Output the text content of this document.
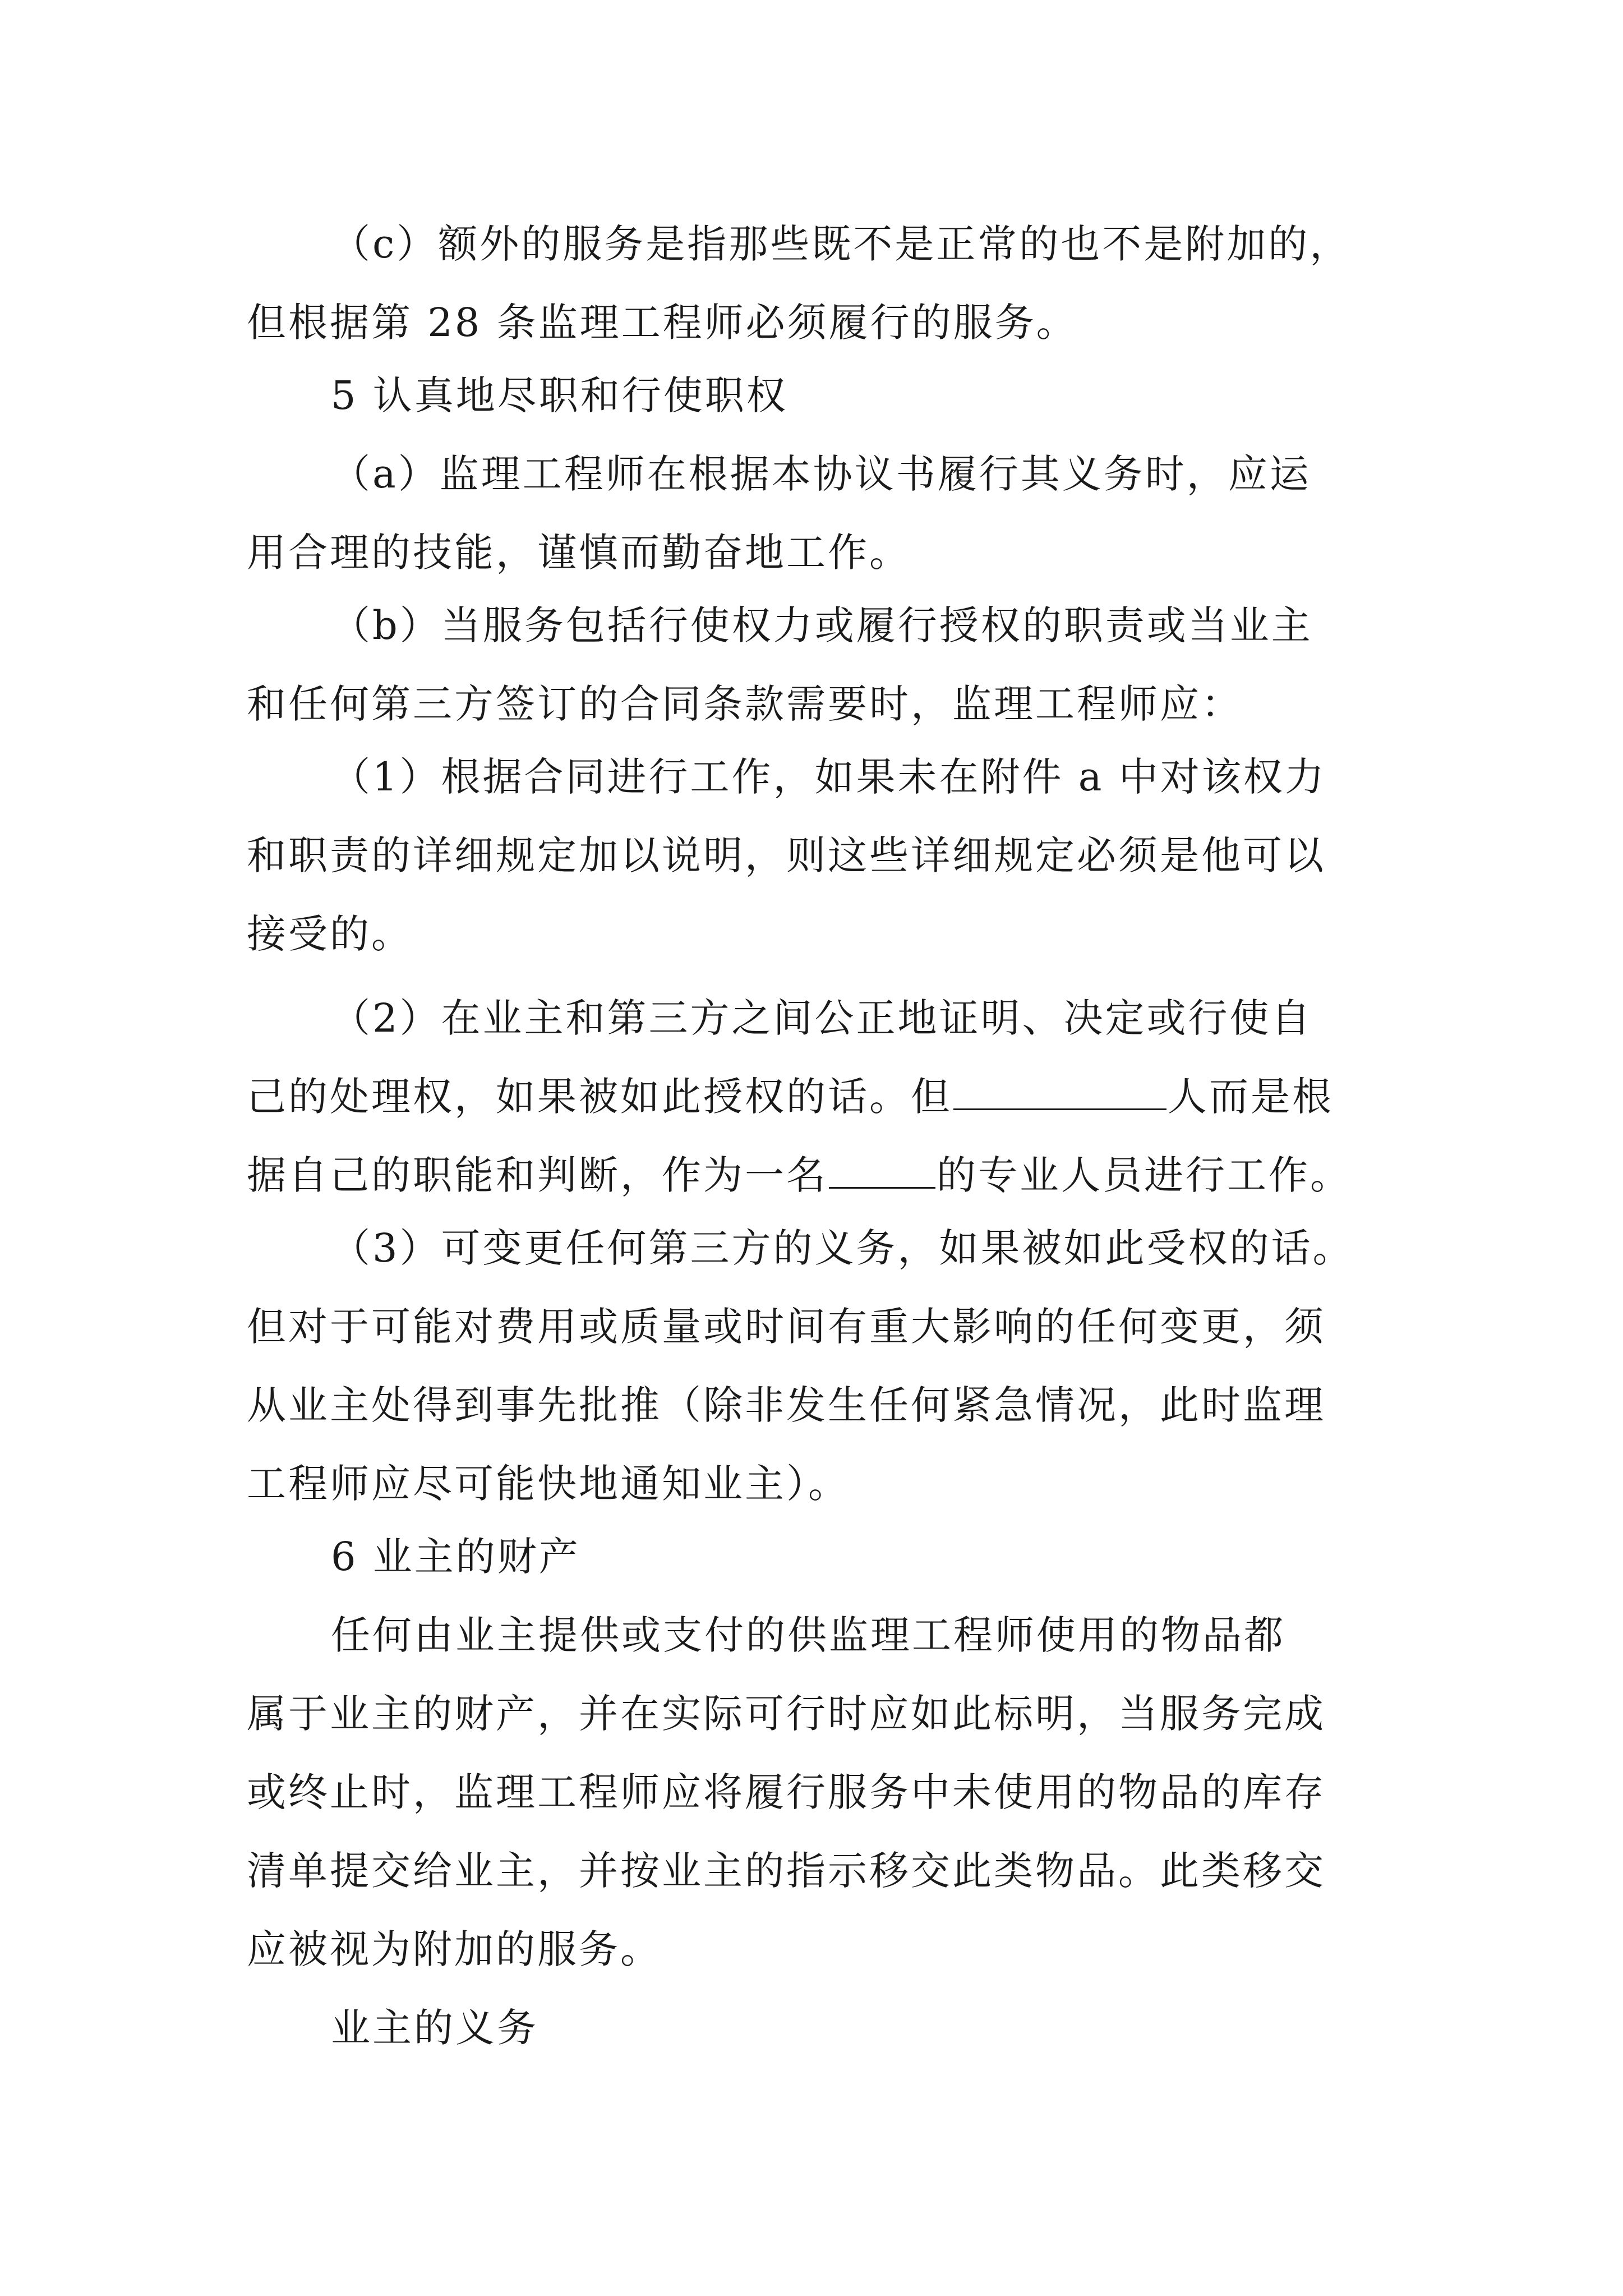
（c）额外的服务是指那些既不是正常的也不是附加的，
但根据第 28 条监理工程师必须履行的服务。
5 认真地尽职和行使职权
（a）监理工程师在根据本协议书履行其义务时，应运
用合理的技能，谨慎而勤奋地工作。
（b）当服务包括行使权力或履行授权的职责或当业主
和任何第三方签订的合同条款需要时，监理工程师应：
（1）根据合同进行工作，如果未在附件 a 中对该权力
和职责的详细规定加以说明，则这些详细规定必须是他可以
接受的。
（2）在业主和第三方之间公正地证明、决定或行使自
己的处理权，如果被如此授权的话。但	人而是根
据自己的职能和判断，作为一名	的专业人员进行工作。
（3）可变更任何第三方的义务，如果被如此受权的话。
但对于可能对费用或质量或时间有重大影响的任何变更，须
从业主处得到事先批推（除非发生任何紧急情况，此时监理
工程师应尽可能快地通知业主）。
6 业主的财产
任何由业主提供或支付的供监理工程师使用的物品都
属于业主的财产，并在实际可行时应如此标明，当服务完成
或终止时，监理工程师应将履行服务中未使用的物品的库存
清单提交给业主，并按业主的指示移交此类物品。此类移交
应被视为附加的服务。
业主的义务
